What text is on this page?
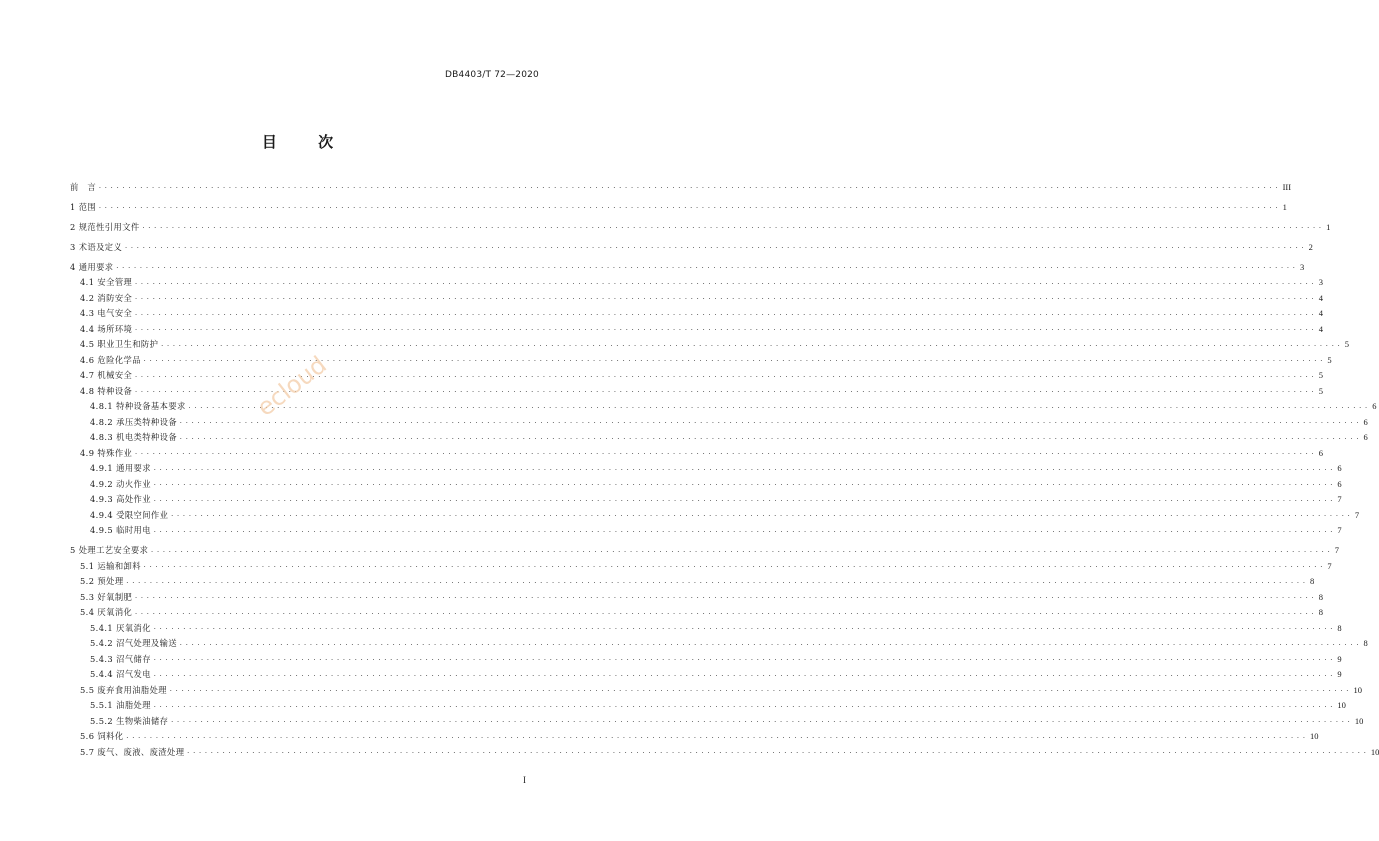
DB4403/T 72—2020
目 次
前　言 ........................................................................................................................................................................................................ III
1 范围 ........................................................................................................................................................................................................ 1
2 规范性引用文件 ........................................................................................................................................................................................................ 1
3 术语及定义 ........................................................................................................................................................................................................ 2
4 通用要求 ........................................................................................................................................................................................................ 3
4.1 安全管理 ........................................................................................................................................................................................................ 3
4.2 消防安全 ........................................................................................................................................................................................................ 4
4.3 电气安全 ........................................................................................................................................................................................................ 4
4.4 场所环境 ........................................................................................................................................................................................................ 4
4.5 职业卫生和防护 ........................................................................................................................................................................................................ 5
4.6 危险化学品 ........................................................................................................................................................................................................ 5
4.7 机械安全 ........................................................................................................................................................................................................ 5
4.8 特种设备 ........................................................................................................................................................................................................ 5
4.8.1 特种设备基本要求 ........................................................................................................................................................................................................ 6
4.8.2 承压类特种设备 ........................................................................................................................................................................................................ 6
4.8.3 机电类特种设备 ........................................................................................................................................................................................................ 6
4.9 特殊作业 ........................................................................................................................................................................................................ 6
4.9.1 通用要求 ........................................................................................................................................................................................................ 6
4.9.2 动火作业 ........................................................................................................................................................................................................ 6
4.9.3 高处作业 ........................................................................................................................................................................................................ 7
4.9.4 受限空间作业 ........................................................................................................................................................................................................ 7
4.9.5 临时用电 ........................................................................................................................................................................................................ 7
5 处理工艺安全要求 ........................................................................................................................................................................................................ 7
5.1 运输和卸料 ........................................................................................................................................................................................................ 7
5.2 预处理 ........................................................................................................................................................................................................ 8
5.3 好氧制肥 ........................................................................................................................................................................................................ 8
5.4 厌氧消化 ........................................................................................................................................................................................................ 8
5.4.1 厌氧消化 ........................................................................................................................................................................................................ 8
5.4.2 沼气处理及输送 ........................................................................................................................................................................................................ 8
5.4.3 沼气储存 ........................................................................................................................................................................................................ 9
5.4.4 沼气发电 ........................................................................................................................................................................................................ 9
5.5 废弃食用油脂处理 ........................................................................................................................................................................................................ 10
5.5.1 油脂处理 ........................................................................................................................................................................................................ 10
5.5.2 生物柴油储存 ........................................................................................................................................................................................................ 10
5.6 饲料化 ........................................................................................................................................................................................................ 10
5.7 废气、废液、废渣处理 ........................................................................................................................................................................................................ 10
ecloud
I
